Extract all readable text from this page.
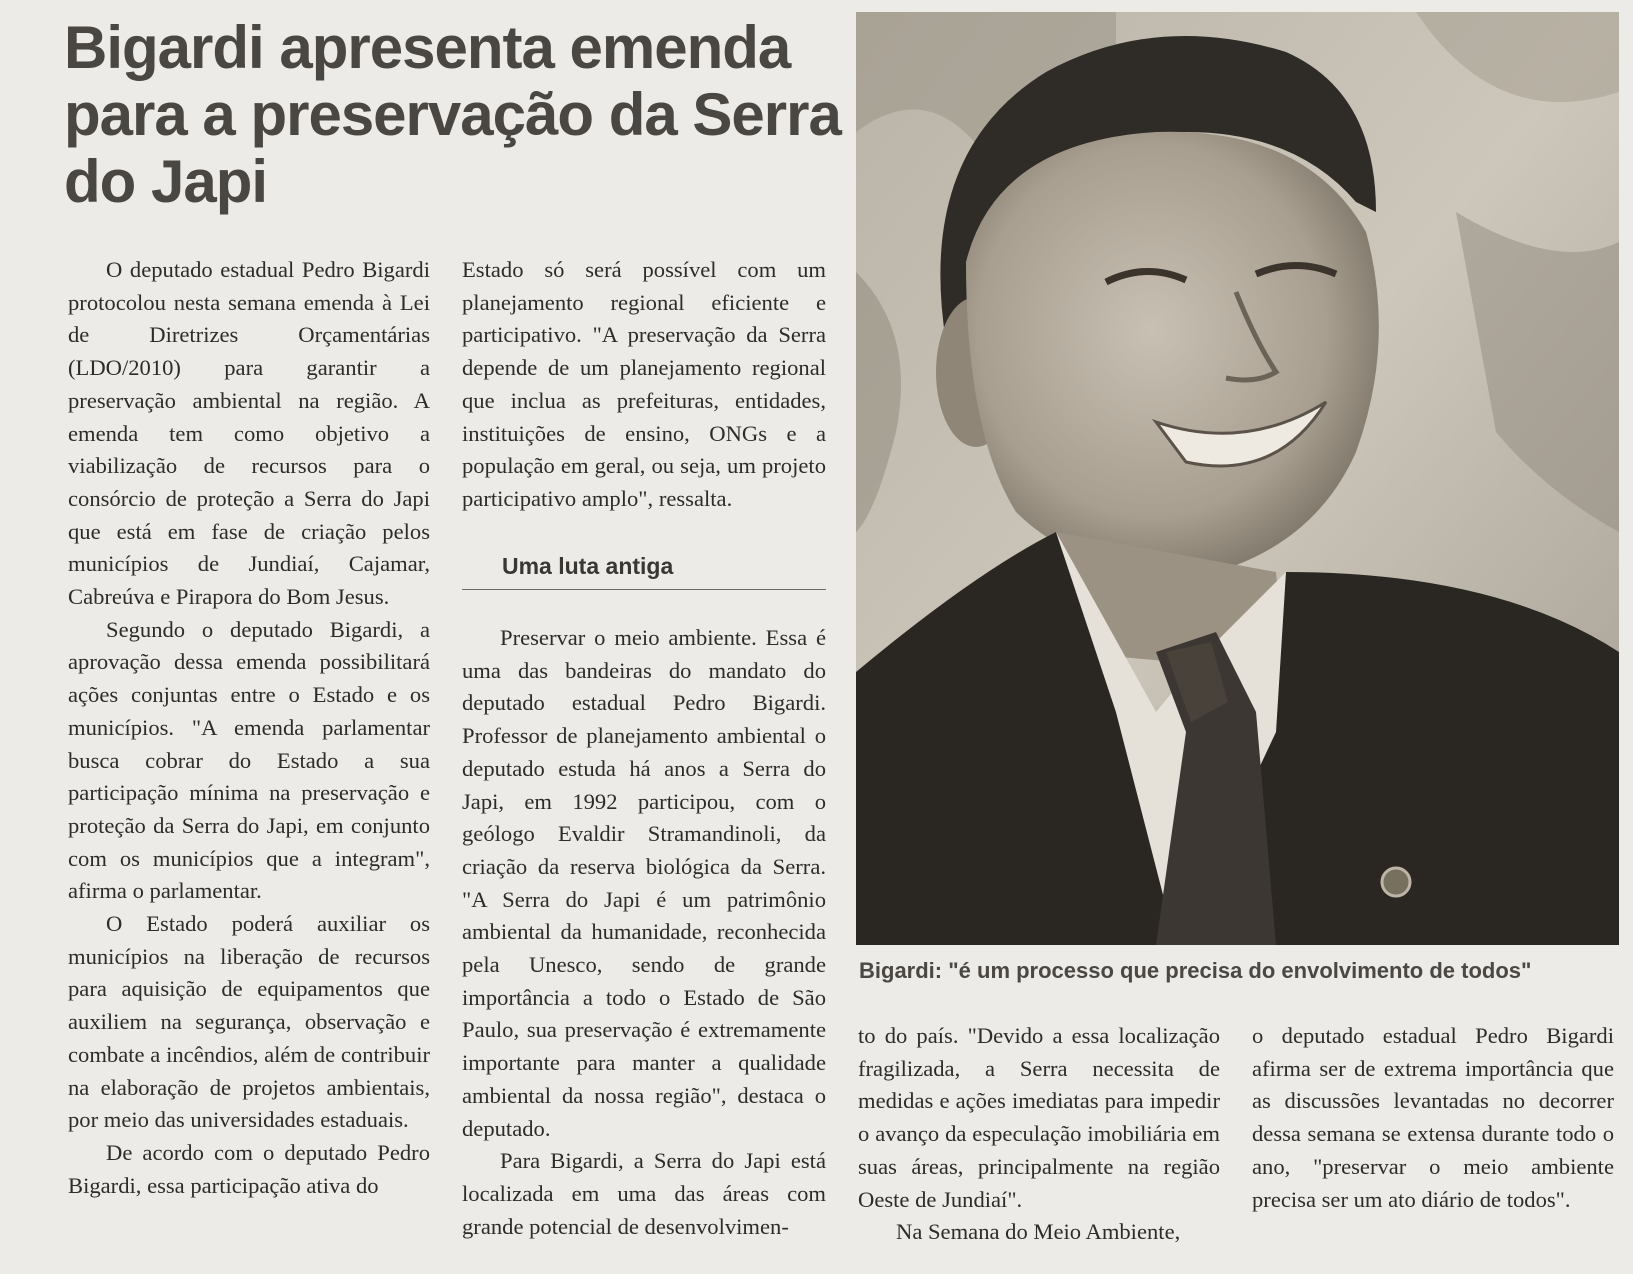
Bigardi apresenta emenda para a preservação da Serra do Japi

O deputado estadual Pedro Bigardi protocolou nesta semana emenda à Lei de Diretrizes Orçamentárias (LDO/2010) para garantir a preservação ambiental na região. A emenda tem como objetivo a viabilização de recursos para o consórcio de proteção a Serra do Japi que está em fase de criação pelos municípios de Jundiaí, Cajamar, Cabreúva e Pirapora do Bom Jesus.

Segundo o deputado Bigardi, a aprovação dessa emenda possibilitará ações conjuntas entre o Estado e os municípios. "A emenda parlamentar busca cobrar do Estado a sua participação mínima na preservação e proteção da Serra do Japi, em conjunto com os municípios que a integram", afirma o parlamentar.

O Estado poderá auxiliar os municípios na liberação de recursos para aquisição de equipamentos que auxiliem na segurança, observação e combate a incêndios, além de contribuir na elaboração de projetos ambientais, por meio das universidades estaduais.

De acordo com o deputado Pedro Bigardi, essa participação ativa do

Estado só será possível com um planejamento regional eficiente e participativo. "A preservação da Serra depende de um planejamento regional que inclua as prefeituras, entidades, instituições de ensino, ONGs e a população em geral, ou seja, um projeto participativo amplo", ressalta.

Uma luta antiga

Preservar o meio ambiente. Essa é uma das bandeiras do mandato do deputado estadual Pedro Bigardi. Professor de planejamento ambiental o deputado estuda há anos a Serra do Japi, em 1992 participou, com o geólogo Evaldir Stramandinoli, da criação da reserva biológica da Serra. "A Serra do Japi é um patrimônio ambiental da humanidade, reconhecida pela Unesco, sendo de grande importância a todo o Estado de São Paulo, sua preservação é extremamente importante para manter a qualidade ambiental da nossa região", destaca o deputado.

Para Bigardi, a Serra do Japi está localizada em uma das áreas com grande potencial de desenvolvimen-

Bigardi: "é um processo que precisa do envolvimento de todos"

to do país. "Devido a essa localização fragilizada, a Serra necessita de medidas e ações imediatas para impedir o avanço da especulação imobiliária em suas áreas, principalmente na região Oeste de Jundiaí".

Na Semana do Meio Ambiente,

o deputado estadual Pedro Bigardi afirma ser de extrema importância que as discussões levantadas no decorrer dessa semana se extensa durante todo o ano, "preservar o meio ambiente precisa ser um ato diário de todos".
